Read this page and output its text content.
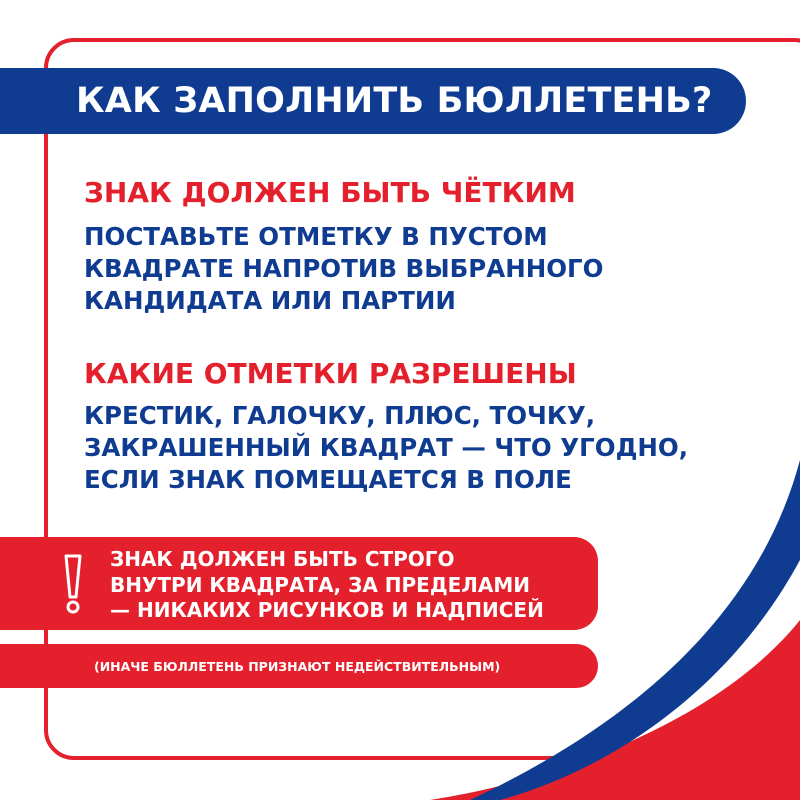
КАК ЗАПОЛНИТЬ БЮЛЛЕТЕНЬ?
ЗНАК ДОЛЖЕН БЫТЬ ЧЁТКИМ

ПОСТАВЬТЕ ОТМЕТКУ В ПУСТОМ
КВАДРАТЕ НАПРОТИВ ВЫБРАННОГО
КАНДИДАТА ИЛИ ПАРТИИ

КАКИЕ ОТМЕТКИ РАЗРЕШЕНЫ

КРЕСТИК, ГАЛОЧКУ, ПЛЮС, ТОЧКУ,
ЗАКРАШЕННЫЙ КВАДРАТ — ЧТО УГОДНО,
ЕСЛИ ЗНАК ПОМЕЩАЕТСЯ В ПОЛЕ

ЗНАК ДОЛЖЕН БЫТЬ СТРОГО
ВНУТРИ КВАДРАТА, ЗА ПРЕДЕЛАМИ
— НИКАКИХ РИСУНКОВ И НАДПИСЕЙ
(ИНАЧЕ БЮЛЛЕТЕНЬ ПРИЗНАЮТ НЕДЕЙСТВИТЕЛЬНЫМ)
